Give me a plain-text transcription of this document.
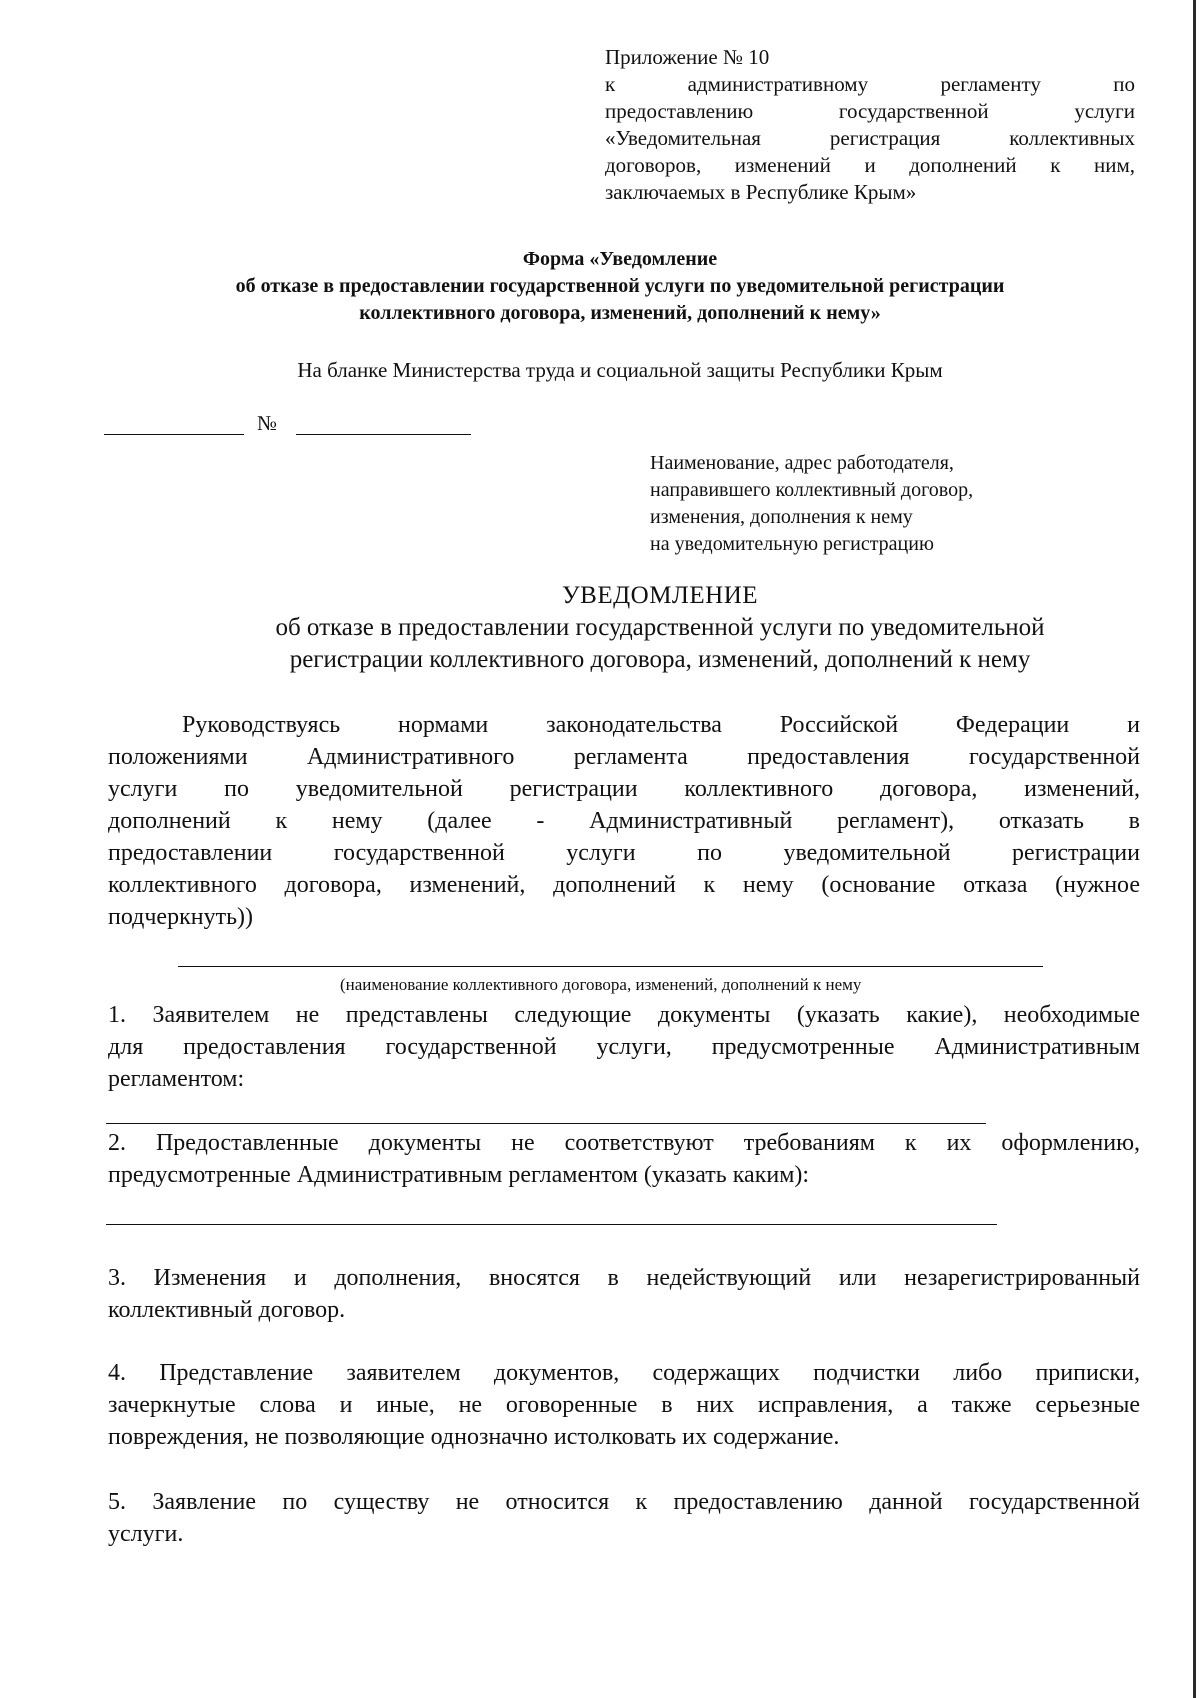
Приложение № 10
к административному регламенту по
предоставлению государственной услуги
«Уведомительная регистрация коллективных
договоров, изменений и дополнений к ним,
заключаемых в Республике Крым»
Форма «Уведомление
об отказе в предоставлении государственной услуги по уведомительной регистрации
коллективного договора, изменений, дополнений к нему»
На бланке Министерства труда и социальной защиты Республики Крым
№
Наименование, адрес работодателя,
направившего коллективный договор,
изменения, дополнения к нему
на уведомительную регистрацию
УВЕДОМЛЕНИЕ
об отказе в предоставлении государственной услуги по уведомительной
регистрации коллективного договора, изменений, дополнений к нему
Руководствуясь нормами законодательства Российской Федерации и
положениями Административного регламента предоставления государственной
услуги по уведомительной регистрации коллективного договора, изменений,
дополнений к нему (далее - Административный регламент), отказать в
предоставлении государственной услуги по уведомительной регистрации
коллективного договора, изменений, дополнений к нему (основание отказа (нужное
подчеркнуть))
(наименование коллективного договора, изменений, дополнений к нему
1. Заявителем не представлены следующие документы (указать какие), необходимые
для предоставления государственной услуги, предусмотренные Административным
регламентом:
2. Предоставленные документы не соответствуют требованиям к их оформлению,
предусмотренные Административным регламентом (указать каким):
3. Изменения и дополнения, вносятся в недействующий или незарегистрированный
коллективный договор.
4. Представление заявителем документов, содержащих подчистки либо приписки,
зачеркнутые слова и иные, не оговоренные в них исправления, а также серьезные
повреждения, не позволяющие однозначно истолковать их содержание.
5. Заявление по существу не относится к предоставлению данной государственной
услуги.
